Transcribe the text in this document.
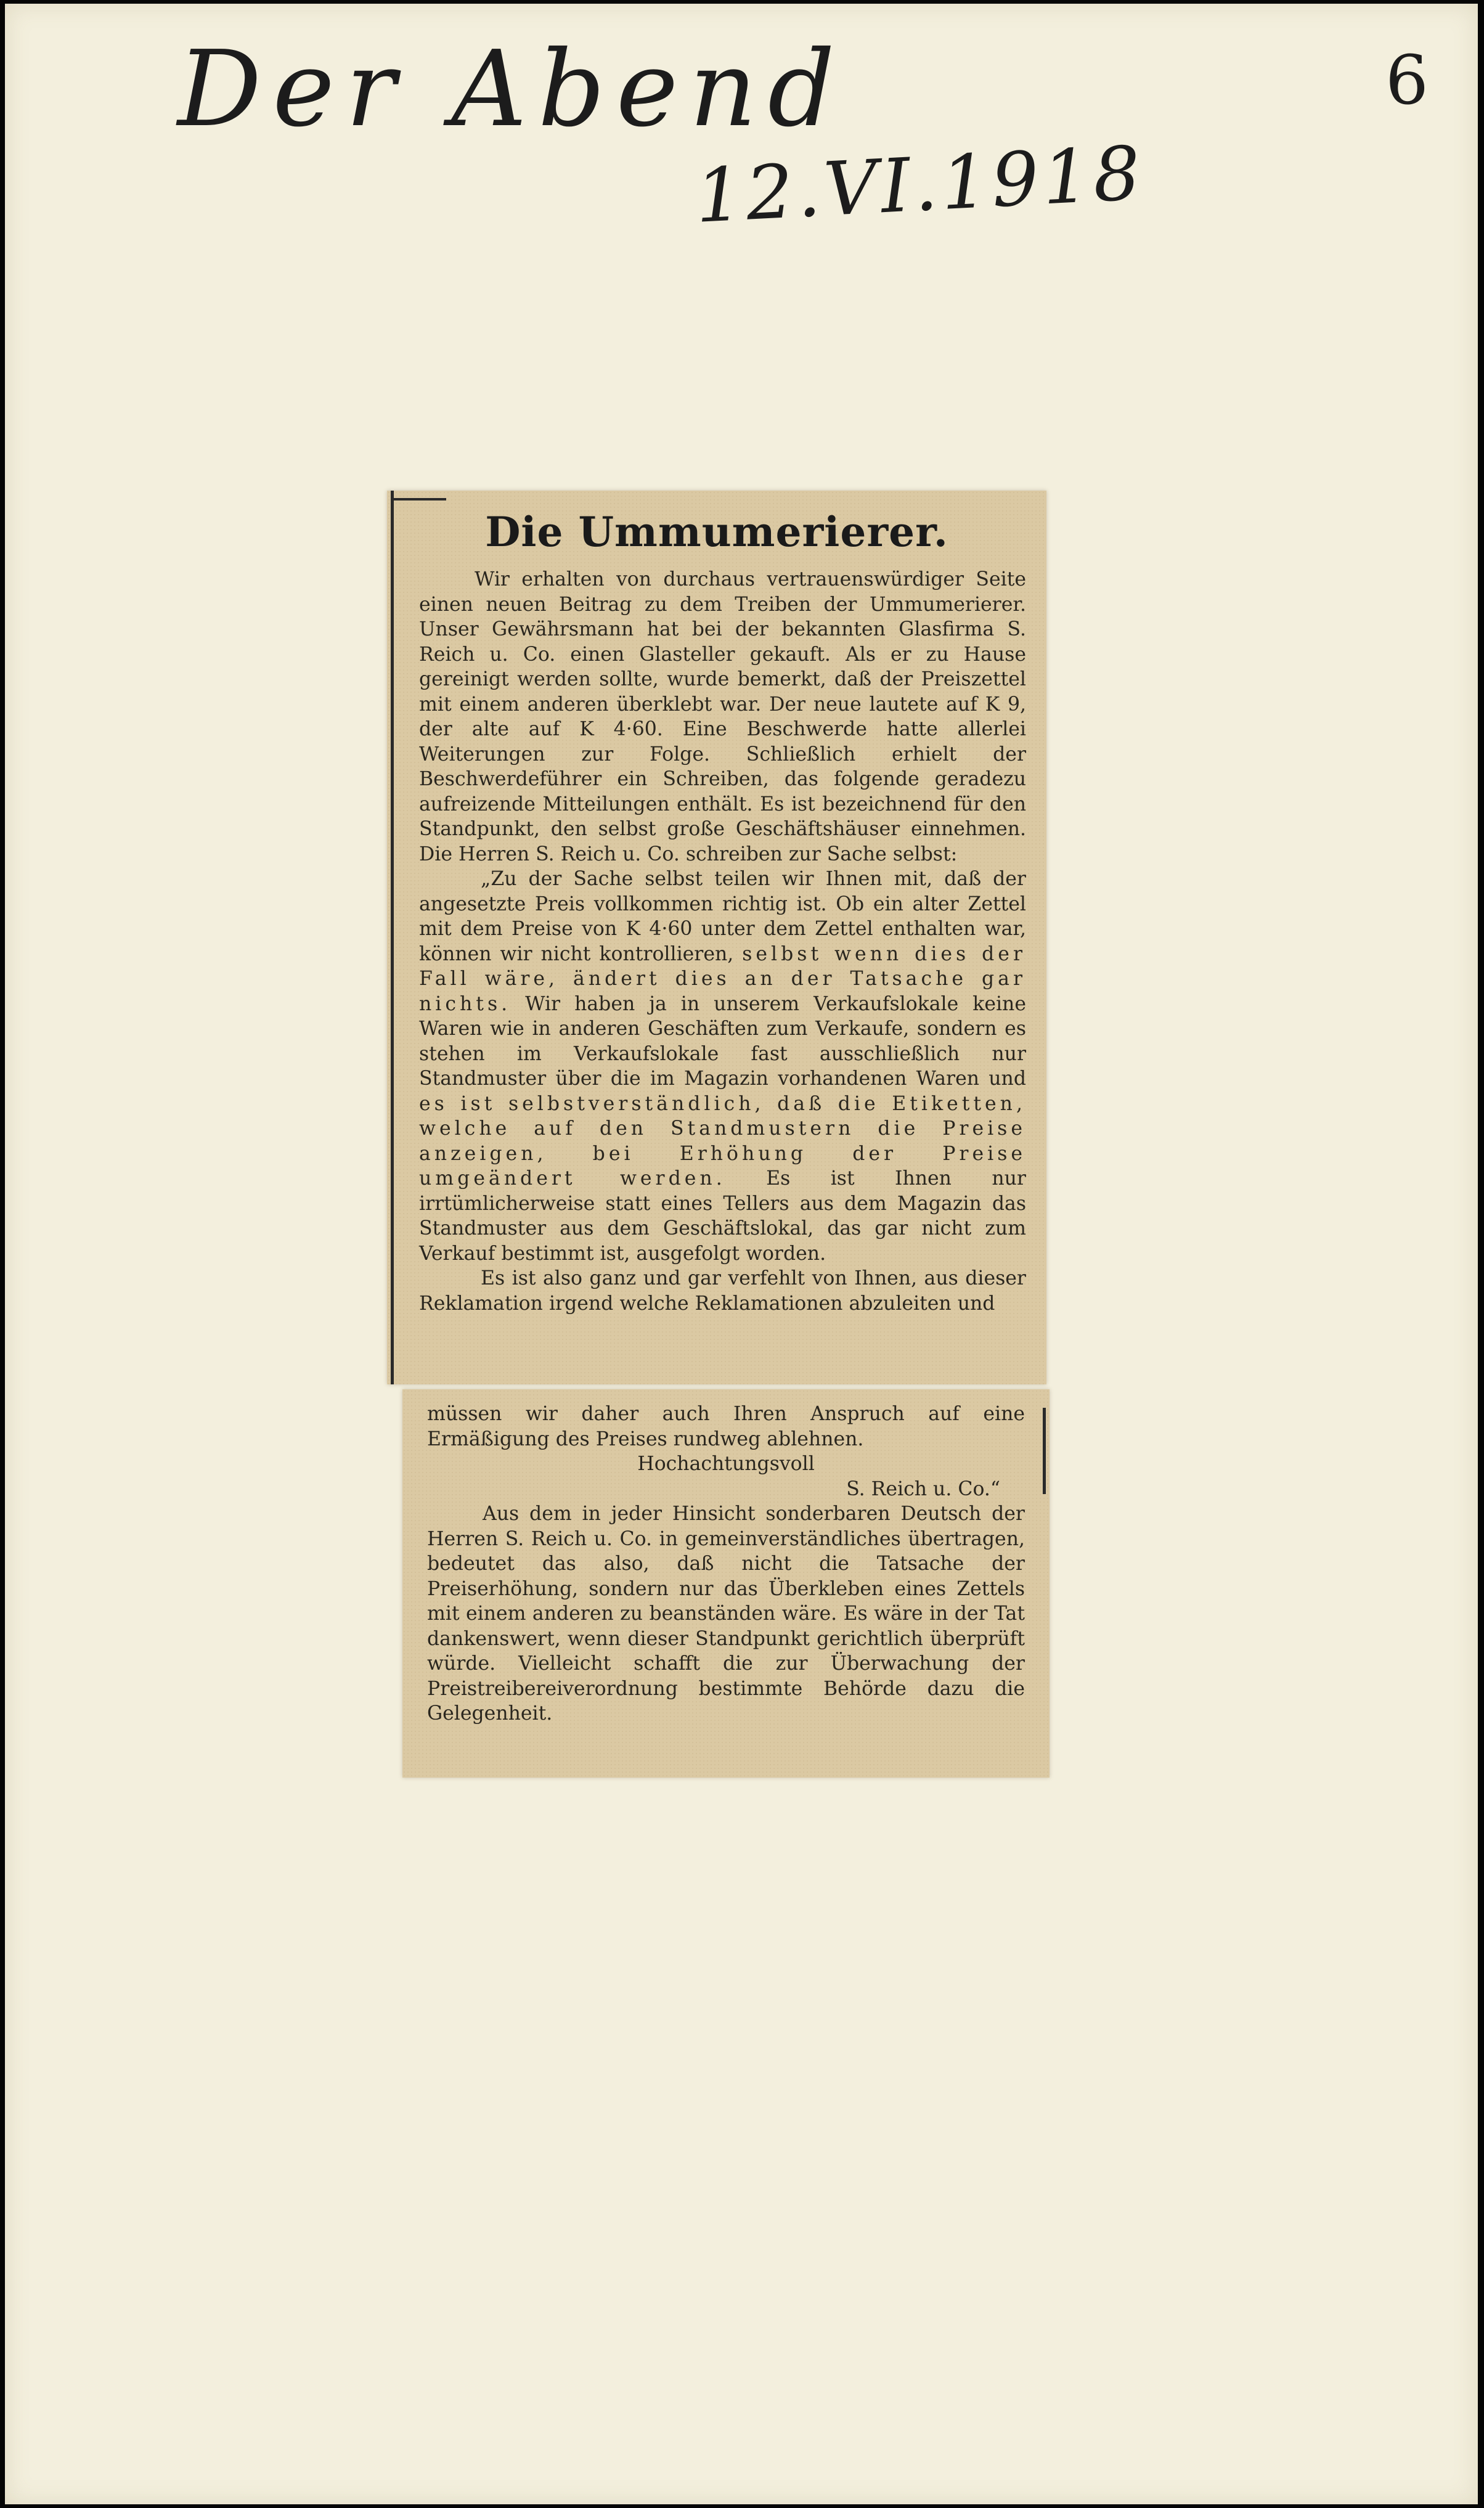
Der Abend
12.VI.1918
6
Die Ummumerierer.

Wir erhalten von durchaus vertrauenswürdiger Seite einen neuen Beitrag zu dem Treiben der Ummumerierer. Unser Gewährsmann hat bei der bekannten Glasfirma S. Reich u. Co. einen Glasteller gekauft. Als er zu Hause gereinigt werden sollte, wurde bemerkt, daß der Preiszettel mit einem anderen überklebt war. Der neue lautete auf K 9, der alte auf K 4·60. Eine Beschwerde hatte allerlei Weiterungen zur Folge. Schließlich erhielt der Beschwerdeführer ein Schreiben, das folgende geradezu aufreizende Mitteilungen enthält. Es ist bezeichnend für den Standpunkt, den selbst große Geschäftshäuser einnehmen. Die Herren S. Reich u. Co. schreiben zur Sache selbst:

„Zu der Sache selbst teilen wir Ihnen mit, daß der angesetzte Preis vollkommen richtig ist. Ob ein alter Zettel mit dem Preise von K 4·60 unter dem Zettel enthalten war, können wir nicht kontrollieren, selbst wenn dies der Fall wäre, ändert dies an der Tatsache gar nichts. Wir haben ja in unserem Verkaufslokale keine Waren wie in anderen Geschäften zum Verkaufe, sondern es stehen im Verkaufslokale fast ausschließlich nur Standmuster über die im Magazin vorhandenen Waren und es ist selbstverständlich, daß die Etiketten, welche auf den Standmustern die Preise anzeigen, bei Erhöhung der Preise umgeändert werden. Es ist Ihnen nur irrtümlicherweise statt eines Tellers aus dem Magazin das Standmuster aus dem Geschäftslokal, das gar nicht zum Verkauf bestimmt ist, ausgefolgt worden.

Es ist also ganz und gar verfehlt von Ihnen, aus dieser Reklamation irgend welche Reklamationen abzuleiten und

müssen wir daher auch Ihren Anspruch auf eine Ermäßigung des Preises rundweg ablehnen.

Hochachtungsvoll

S. Reich u. Co.“

Aus dem in jeder Hinsicht sonderbaren Deutsch der Herren S. Reich u. Co. in gemeinverständliches übertragen, bedeutet das also, daß nicht die Tatsache der Preiserhöhung, sondern nur das Überkleben eines Zettels mit einem anderen zu beanständen wäre. Es wäre in der Tat dankenswert, wenn dieser Standpunkt gerichtlich überprüft würde. Vielleicht schafft die zur Überwachung der Preistreibereiverordnung bestimmte Behörde dazu die Gelegenheit.
